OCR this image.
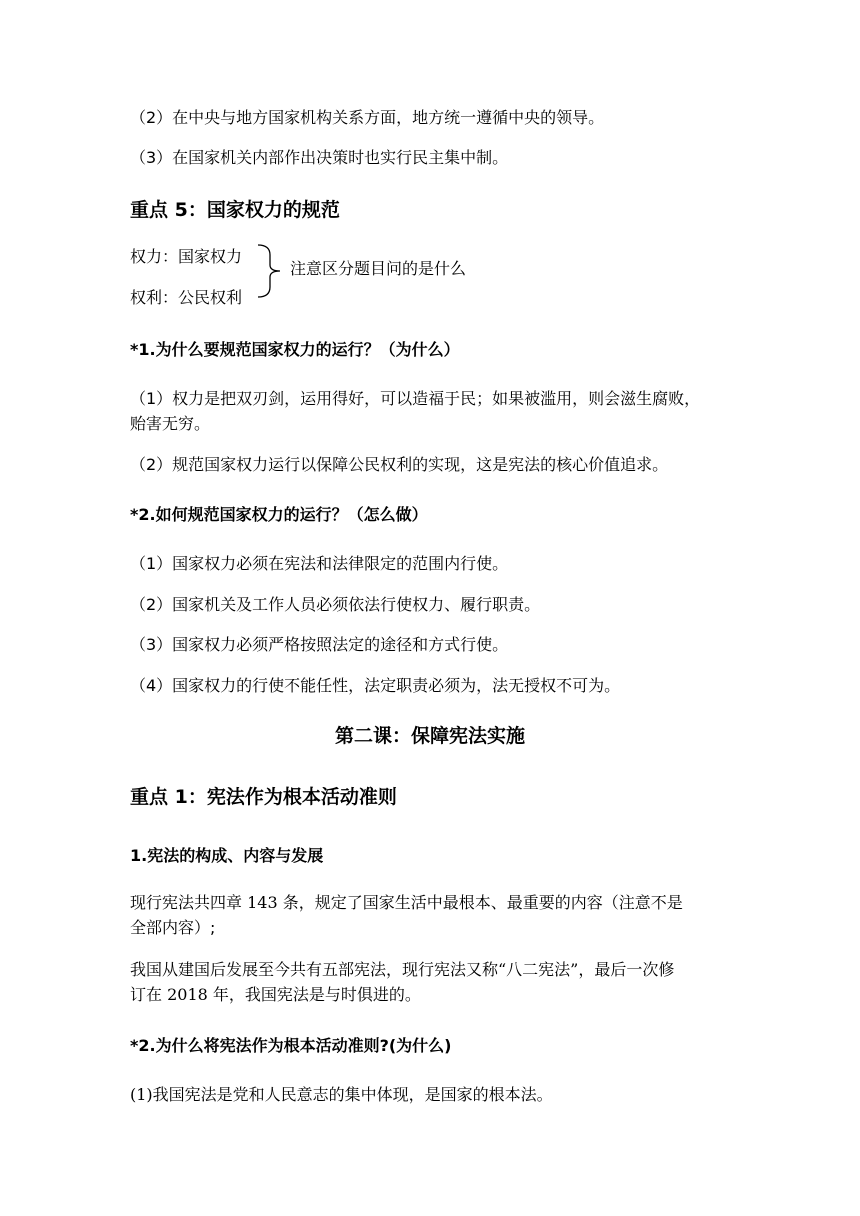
（2）在中央与地方国家机构关系方面，地方统一遵循中央的领导。
（3）在国家机关内部作出决策时也实行民主集中制。
重点 5：国家权力的规范
权力：国家权力
权利：公民权利
注意区分题目问的是什么
*1.为什么要规范国家权力的运行？（为什么）
（1）权力是把双刃剑，运用得好，可以造福于民；如果被滥用，则会滋生腐败，
贻害无穷。
（2）规范国家权力运行以保障公民权利的实现，这是宪法的核心价值追求。
*2.如何规范国家权力的运行？（怎么做）
（1）国家权力必须在宪法和法律限定的范围内行使。
（2）国家机关及工作人员必须依法行使权力、履行职责。
（3）国家权力必须严格按照法定的途径和方式行使。
（4）国家权力的行使不能任性，法定职责必须为，法无授权不可为。
第二课：保障宪法实施
重点 1：宪法作为根本活动准则
1.宪法的构成、内容与发展
现行宪法共四章 143 条，规定了国家生活中最根本、最重要的内容（注意不是
全部内容）;
我国从建国后发展至今共有五部宪法，现行宪法又称“八二宪法”，最后一次修
订在 2018 年，我国宪法是与时俱进的。
*2.为什么将宪法作为根本活动准则?(为什么)
(1)我国宪法是党和人民意志的集中体现，是国家的根本法。
